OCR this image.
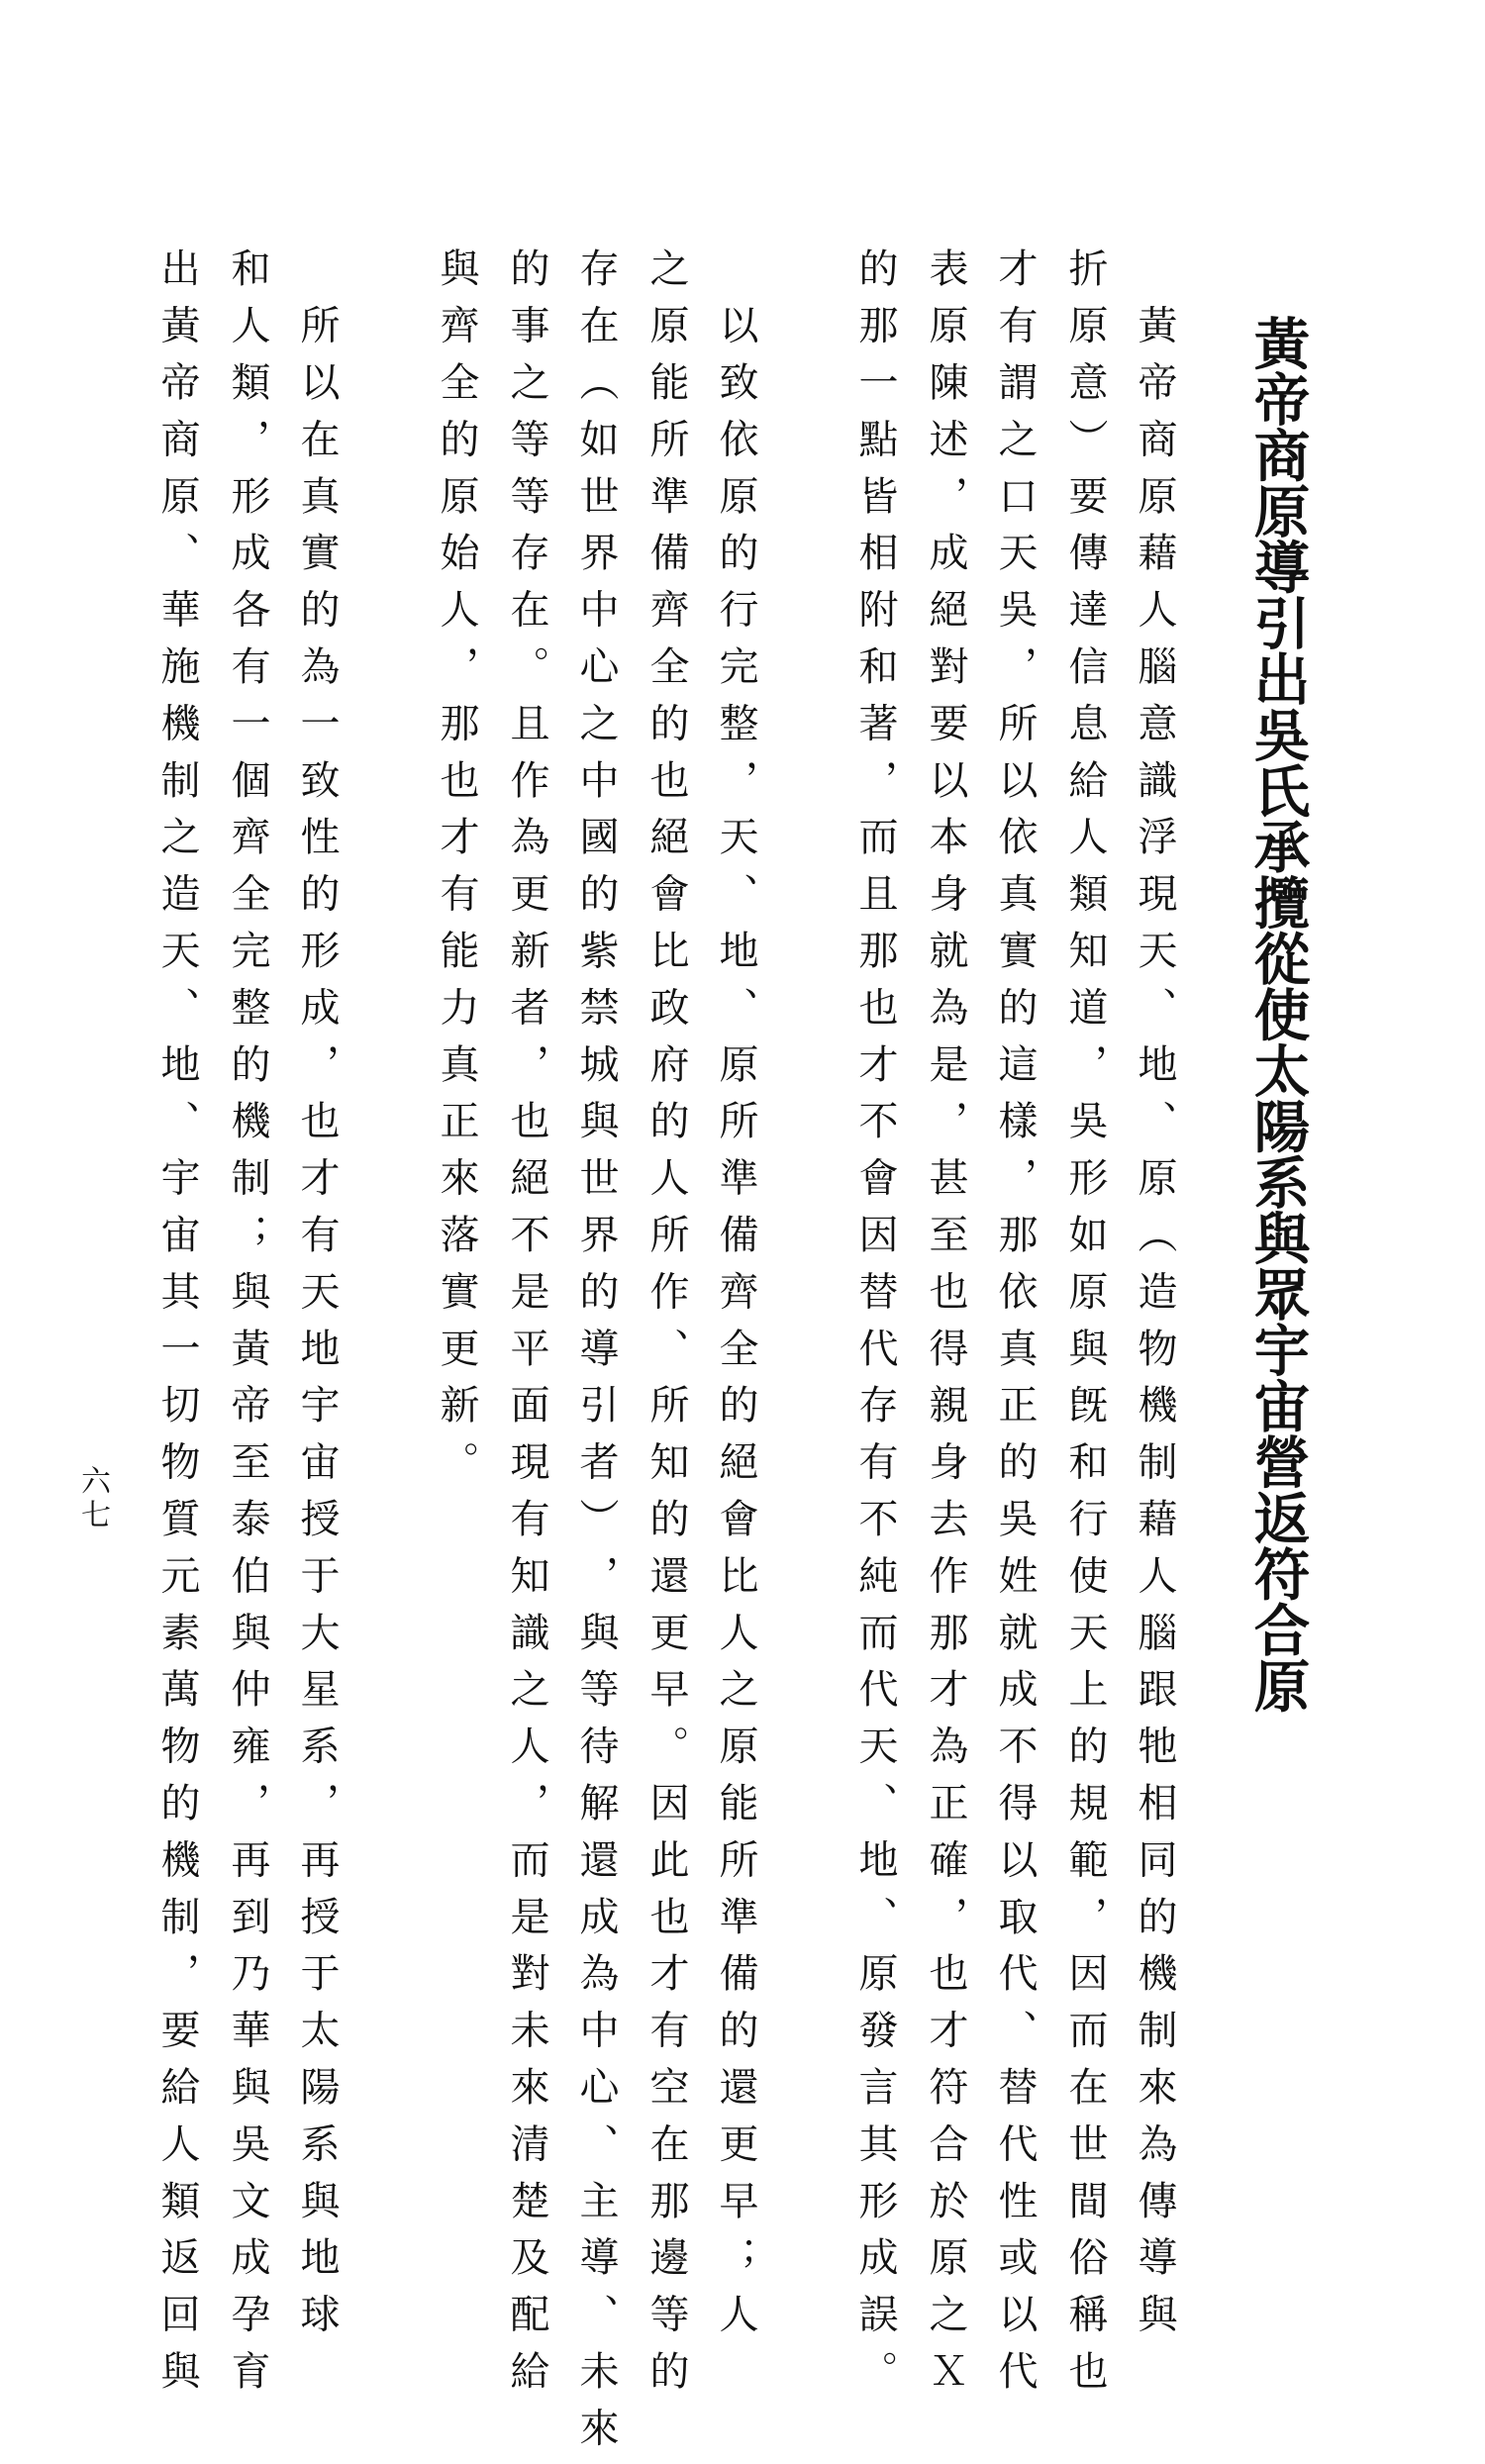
黃帝商原導引出吳氏承攬從使太陽系與眾宇宙營返符合原
　黃帝商原藉人腦意識浮現天、地、原︵造物機制藉人腦跟牠相同的機制來為傳導與
折原意︶要傳達信息給人類知道，吳形如原與旣和行使天上的規範，因而在世間俗稱也
才有謂之口天吳，所以依真實的這樣，那依真正的吳姓就成不得以取代、替代性或以代
表原陳述，成絕對要以本身就為是，甚至也得親身去作那才為正確，也才符合於原之Ｘ
的那一點皆相附和著，而且那也才不會因替代存有不純而代天、地、原發言其形成誤。
　以致依原的行完整，天、地、原所準備齊全的絕會比人之原能所準備的還更早；人
之原能所準備齊全的也絕會比政府的人所作、所知的還更早。因此也才有空在那邊等的
存在︵如世界中心之中國的紫禁城與世界的導引者︶，與等待解還成為中心、主導、未來
的事之等等存在。且作為更新者，也絕不是平面現有知識之人，而是對未來清楚及配給
與齊全的原始人，那也才有能力真正來落實更新。
　所以在真實的為一致性的形成，也才有天地宇宙授于大星系，再授于太陽系與地球
和人類，形成各有一個齊全完整的機制；與黃帝至泰伯與仲雍，再到乃華與吳文成孕育
出黃帝商原、華施機制之造天、地、宇宙其一切物質元素萬物的機制，要給人類返回與
六七
